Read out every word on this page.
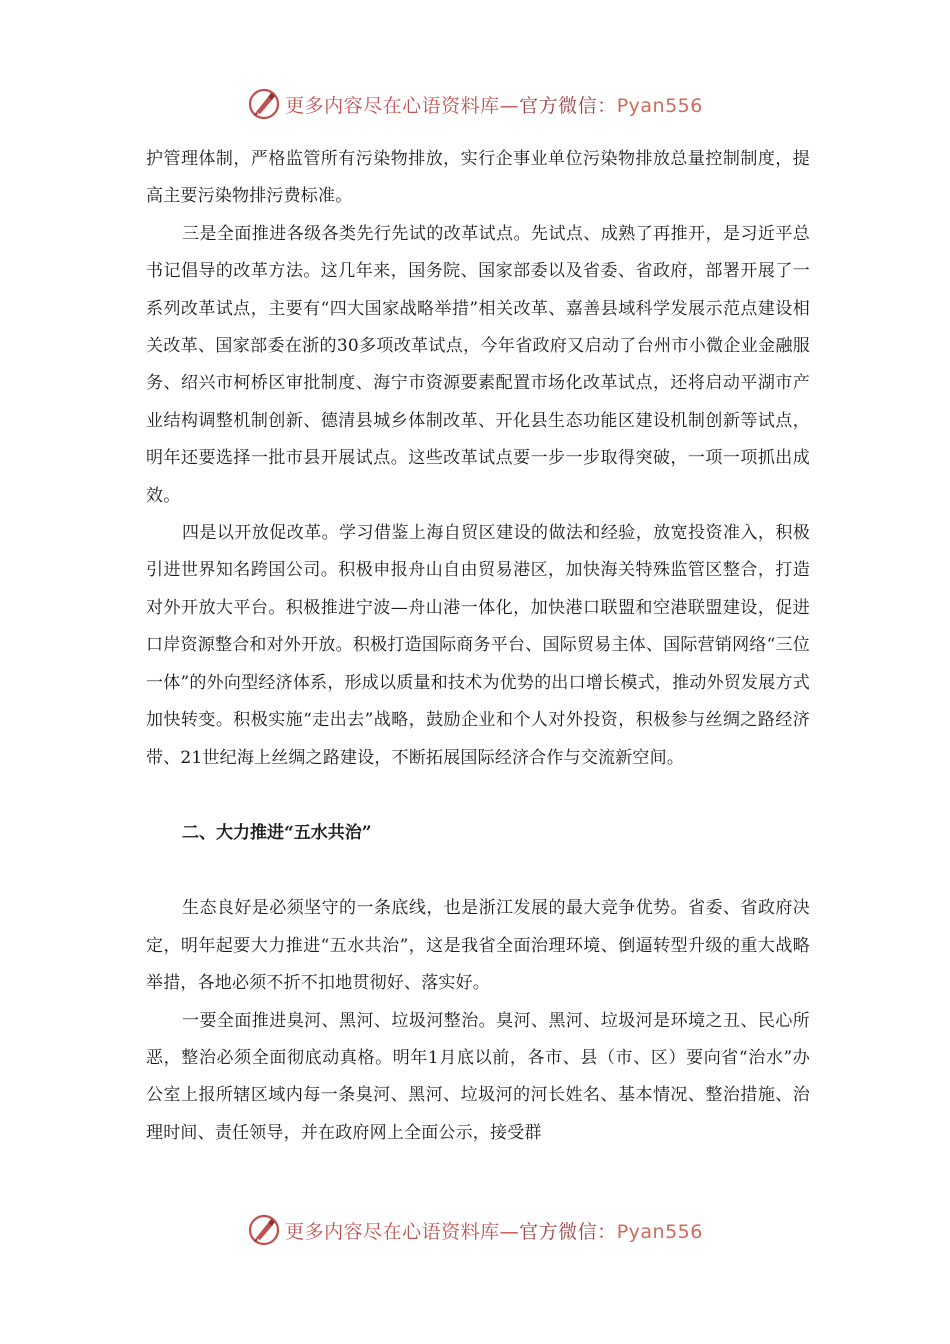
更多内容尽在心语资料库—官方微信：Pyan556

护管理体制，严格监管所有污染物排放，实行企事业单位污染物排放总量控制制度，提高主要污染物排污费标准。

三是全面推进各级各类先行先试的改革试点。先试点、成熟了再推开，是习近平总书记倡导的改革方法。这几年来，国务院、国家部委以及省委、省政府，部署开展了一系列改革试点，主要有“四大国家战略举措”相关改革、嘉善县域科学发展示范点建设相关改革、国家部委在浙的30多项改革试点，今年省政府又启动了台州市小微企业金融服务、绍兴市柯桥区审批制度、海宁市资源要素配置市场化改革试点，还将启动平湖市产业结构调整机制创新、德清县城乡体制改革、开化县生态功能区建设机制创新等试点，明年还要选择一批市县开展试点。这些改革试点要一步一步取得突破，一项一项抓出成效。

四是以开放促改革。学习借鉴上海自贸区建设的做法和经验，放宽投资准入，积极引进世界知名跨国公司。积极申报舟山自由贸易港区，加快海关特殊监管区整合，打造对外开放大平台。积极推进宁波—舟山港一体化，加快港口联盟和空港联盟建设，促进口岸资源整合和对外开放。积极打造国际商务平台、国际贸易主体、国际营销网络“三位一体”的外向型经济体系，形成以质量和技术为优势的出口增长模式，推动外贸发展方式加快转变。积极实施“走出去”战略，鼓励企业和个人对外投资，积极参与丝绸之路经济带、21世纪海上丝绸之路建设，不断拓展国际经济合作与交流新空间。

二、大力推进“五水共治”

生态良好是必须坚守的一条底线，也是浙江发展的最大竞争优势。省委、省政府决定，明年起要大力推进“五水共治”，这是我省全面治理环境、倒逼转型升级的重大战略举措，各地必须不折不扣地贯彻好、落实好。

一要全面推进臭河、黑河、垃圾河整治。臭河、黑河、垃圾河是环境之丑、民心所恶，整治必须全面彻底动真格。明年1月底以前，各市、县（市、区）要向省“治水”办公室上报所辖区域内每一条臭河、黑河、垃圾河的河长姓名、基本情况、整治措施、治理时间、责任领导，并在政府网上全面公示，接受群

更多内容尽在心语资料库—官方微信：Pyan556
